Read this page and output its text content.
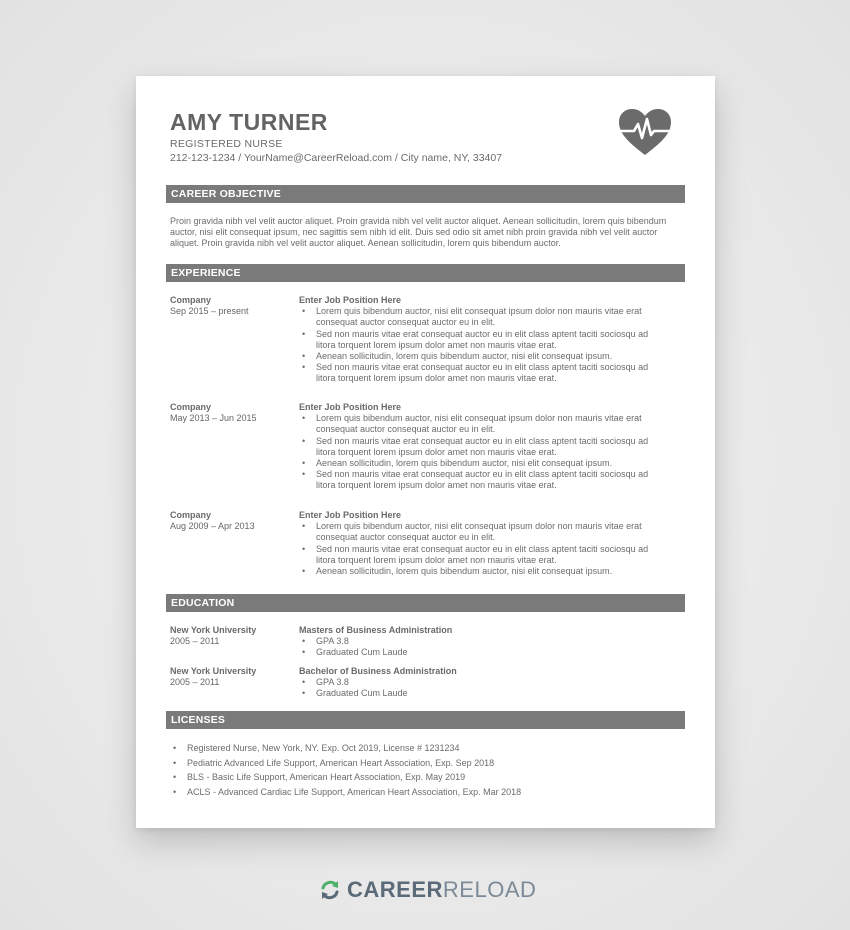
AMY TURNER
REGISTERED NURSE
212-123-1234 / YourName@CareerReload.com / City name, NY, 33407
CAREER OBJECTIVE
Proin gravida nibh vel velit auctor aliquet. Proin gravida nibh vel velit auctor aliquet. Aenean sollicitudin, lorem quis bibendum auctor, nisi elit consequat ipsum, nec sagittis sem nibh id elit. Duis sed odio sit amet nibh proin gravida nibh vel velit auctor aliquet. Proin gravida nibh vel velit auctor aliquet. Aenean sollicitudin, lorem quis bibendum auctor.
EXPERIENCE
Company
Sep 2015 – present
Enter Job Position Here
• Lorem quis bibendum auctor, nisi elit consequat ipsum dolor non mauris vitae erat consequat auctor consequat auctor eu in elit.
• Sed non mauris vitae erat consequat auctor eu in elit class aptent taciti sociosqu ad litora torquent lorem ipsum dolor amet non mauris vitae erat.
• Aenean sollicitudin, lorem quis bibendum auctor, nisi elit consequat ipsum.
• Sed non mauris vitae erat consequat auctor eu in elit class aptent taciti sociosqu ad litora torquent lorem ipsum dolor amet non mauris vitae erat.
Company
May 2013 – Jun 2015
Enter Job Position Here
• Lorem quis bibendum auctor, nisi elit consequat ipsum dolor non mauris vitae erat consequat auctor consequat auctor eu in elit.
• Sed non mauris vitae erat consequat auctor eu in elit class aptent taciti sociosqu ad litora torquent lorem ipsum dolor amet non mauris vitae erat.
• Aenean sollicitudin, lorem quis bibendum auctor, nisi elit consequat ipsum.
• Sed non mauris vitae erat consequat auctor eu in elit class aptent taciti sociosqu ad litora torquent lorem ipsum dolor amet non mauris vitae erat.
Company
Aug 2009 – Apr 2013
Enter Job Position Here
• Lorem quis bibendum auctor, nisi elit consequat ipsum dolor non mauris vitae erat consequat auctor consequat auctor eu in elit.
• Sed non mauris vitae erat consequat auctor eu in elit class aptent taciti sociosqu ad litora torquent lorem ipsum dolor amet non mauris vitae erat.
• Aenean sollicitudin, lorem quis bibendum auctor, nisi elit consequat ipsum.
EDUCATION
New York University
2005 – 2011
Masters of Business Administration
• GPA 3.8
• Graduated Cum Laude
New York University
2005 – 2011
Bachelor of Business Administration
• GPA 3.8
• Graduated Cum Laude
LICENSES
• Registered Nurse, New York, NY. Exp. Oct 2019, License # 1231234
• Pediatric Advanced Life Support, American Heart Association, Exp. Sep 2018
• BLS - Basic Life Support, American Heart Association, Exp. May 2019
• ACLS - Advanced Cardiac Life Support, American Heart Association, Exp. Mar 2018
CAREERRELOAD
